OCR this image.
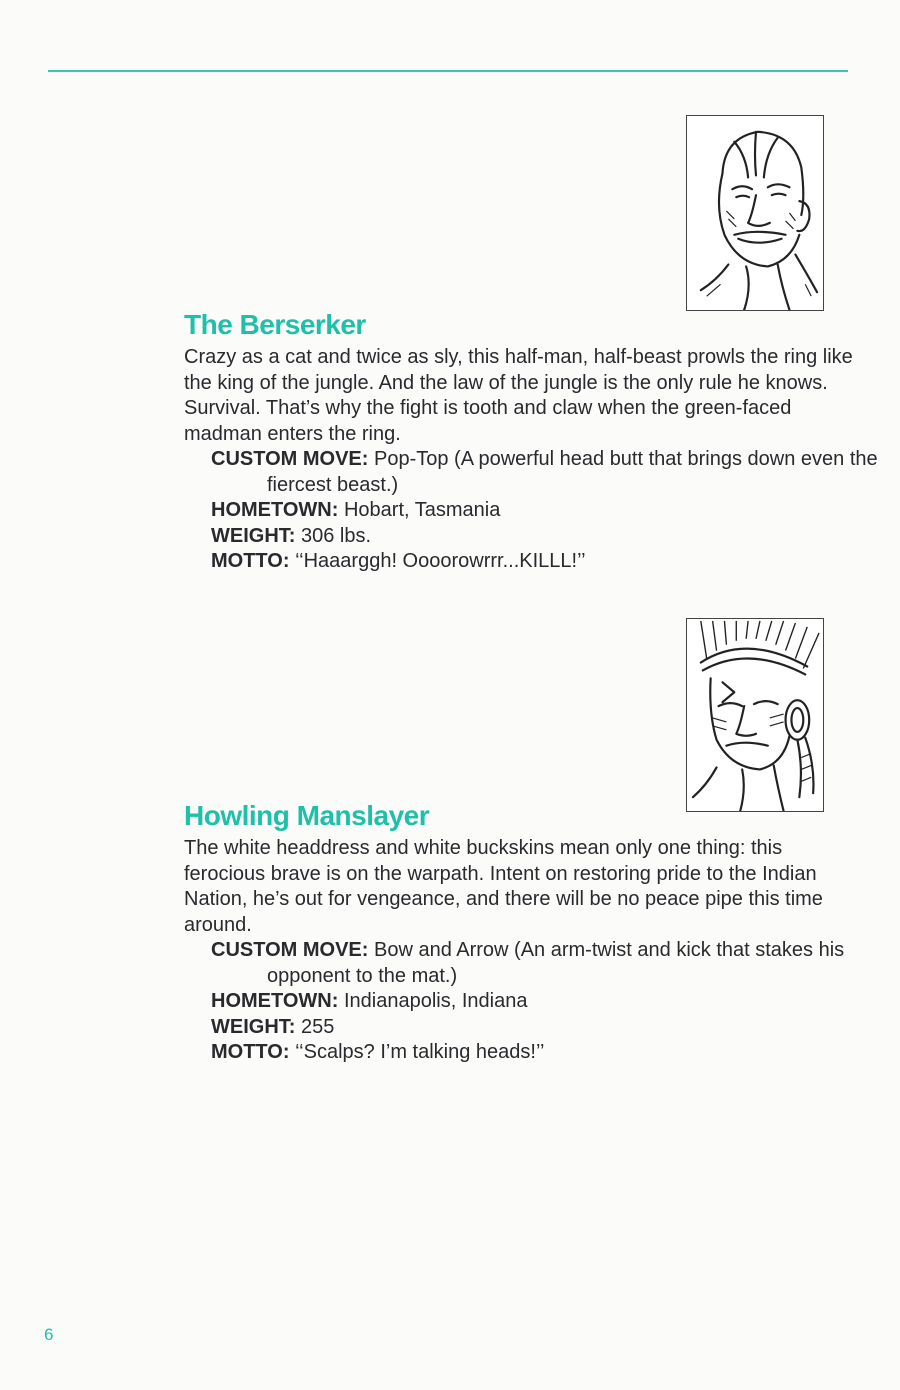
The Berserker

Crazy as a cat and twice as sly, this half-man, half-beast prowls the ring like the king of the jungle. And the law of the jungle is the only rule he knows. Survival. That’s why the fight is tooth and claw when the green-faced madman enters the ring.

CUSTOM MOVE: Pop-Top (A powerful head butt that brings down even the fiercest beast.)
HOMETOWN: Hobart, Tasmania
WEIGHT: 306 lbs.
MOTTO: ‘‘Haaarggh! Oooorowrrr...KILLL!’’
Howling Manslayer

The white headdress and white buckskins mean only one thing: this ferocious brave is on the warpath. Intent on restoring pride to the Indian Nation, he’s out for vengeance, and there will be no peace pipe this time around.

CUSTOM MOVE: Bow and Arrow (An arm-twist and kick that stakes his opponent to the mat.)
HOMETOWN: Indianapolis, Indiana
WEIGHT: 255
MOTTO: ‘‘Scalps? I’m talking heads!’’
6
